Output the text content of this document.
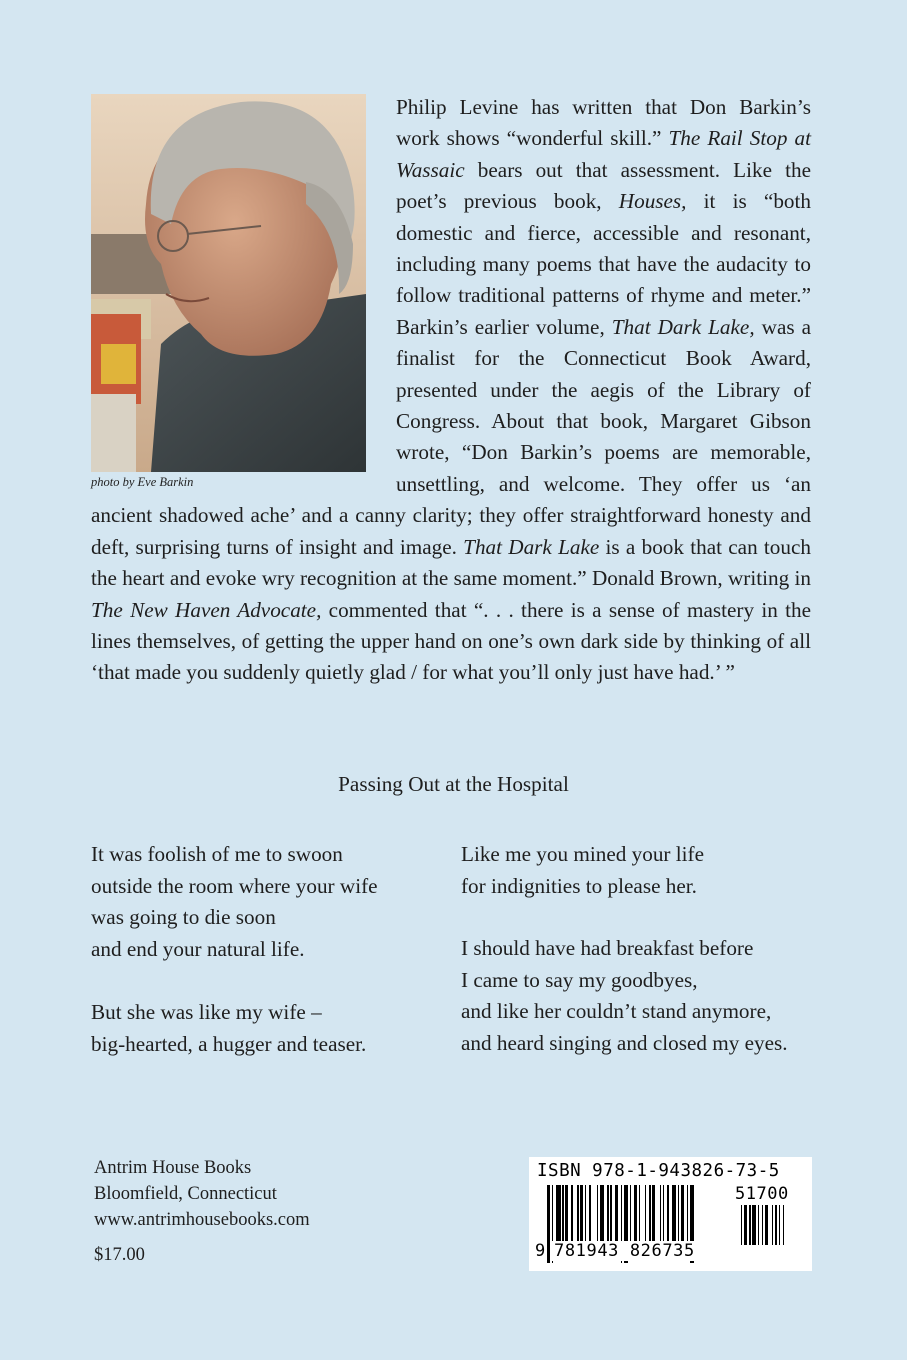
photo by Eve Barkin
Philip Levine has written that Don Barkin’s work shows “wonderful skill.” The Rail Stop at Wassaic bears out that assessment. Like the poet’s previous book, Houses, it is “both domestic and fierce, accessible and resonant, including many poems that have the audacity to follow traditional patterns of rhyme and meter.” Barkin’s earlier volume, That Dark Lake, was a finalist for the Connecticut Book Award, presented under the aegis of the Library of Congress. About that book, Margaret Gibson wrote, “Don Barkin’s poems are memorable, unsettling, and welcome. They offer us ‘an ancient shadowed ache’ and a canny clarity; they offer straightforward honesty and deft, surprising turns of insight and image. That Dark Lake is a book that can touch the heart and evoke wry recognition at the same moment.” Donald Brown, writing in The New Haven Advocate, commented that “. . . there is a sense of mastery in the lines themselves, of getting the upper hand on one’s own dark side by thinking of all ‘that made you suddenly quietly glad / for what you’ll only just have had.’ ”
Passing Out at the Hospital
It was foolish of me to swoon
outside the room where your wife
was going to die soon
and end your natural life.
But she was like my wife –
big-hearted, a hugger and teaser.
Like me you mined your life
for indignities to please her.
I should have had breakfast before
I came to say my goodbyes,
and like her couldn’t stand anymore,
and heard singing and closed my eyes.
Antrim House Books
Bloomfield, Connecticut
www.antrimhousebooks.com
$17.00
ISBN 978-1-943826-73-5
51700
9 781943 826735
